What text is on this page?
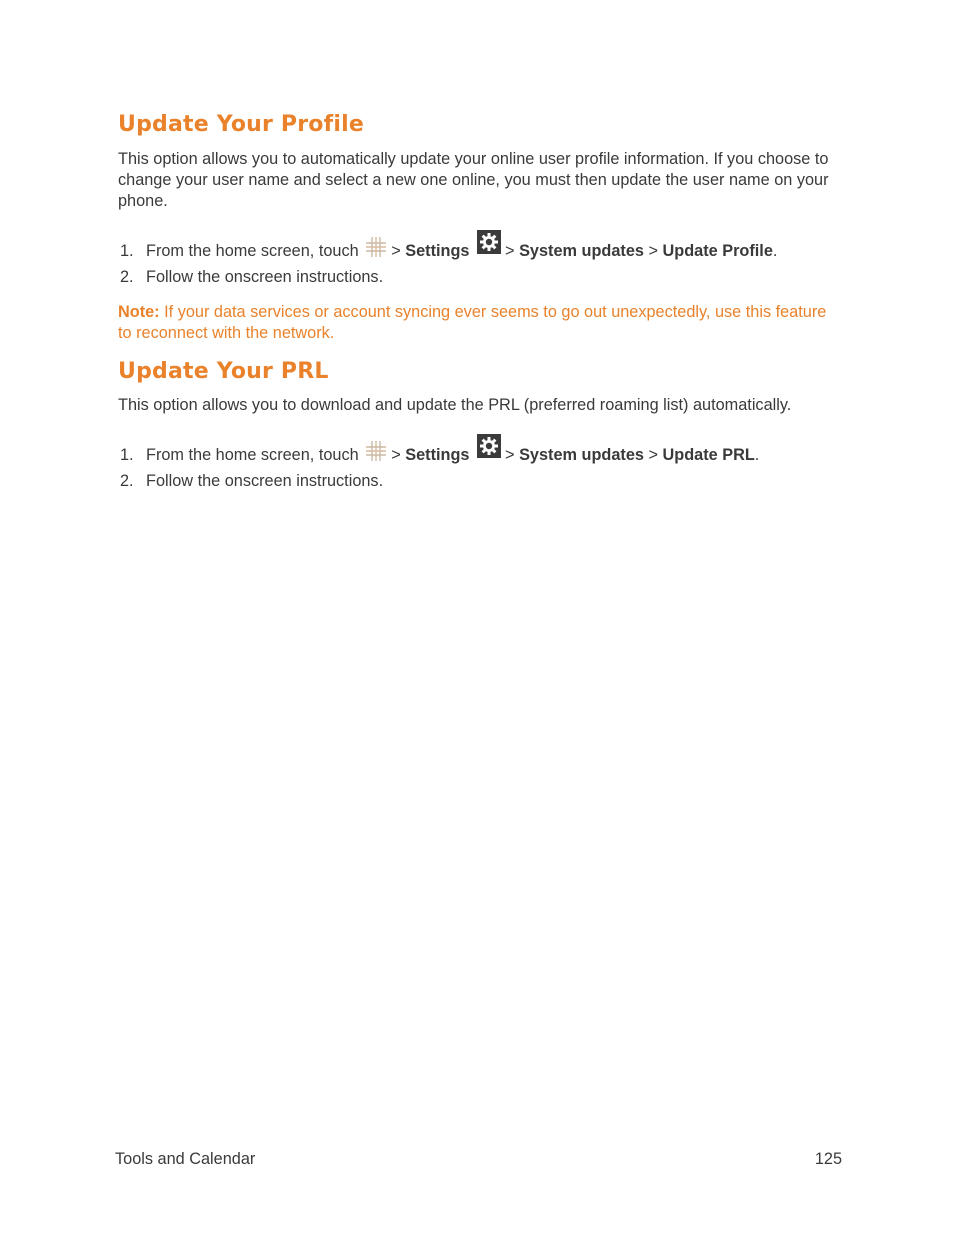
Update Your Profile

This option allows you to automatically update your online user profile information. If you choose to change your user name and select a new one online, you must then update the user name on your phone.

1. From the home screen, touch > Settings > System updates > Update Profile.
2. Follow the onscreen instructions.

Note: If your data services or account syncing ever seems to go out unexpectedly, use this feature to reconnect with the network.

Update Your PRL

This option allows you to download and update the PRL (preferred roaming list) automatically.

1. From the home screen, touch > Settings > System updates > Update PRL.
2. Follow the onscreen instructions.
Tools and Calendar	125
